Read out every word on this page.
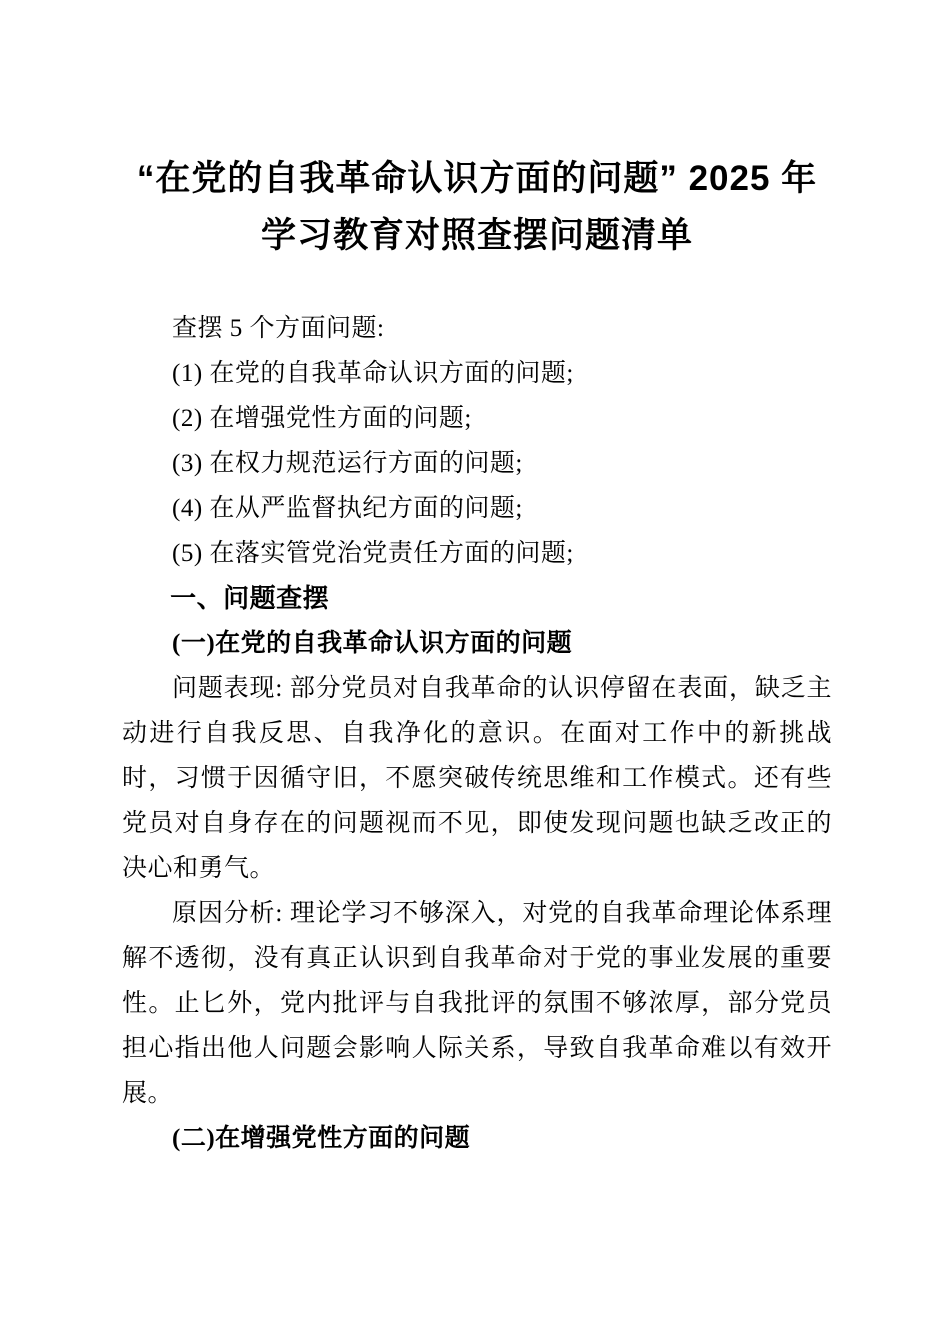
“在党的自我革命认识方面的问题” 2025 年
学习教育对照查摆问题清单

查摆 5 个方面问题:

(1) 在党的自我革命认识方面的问题;

(2) 在增强党性方面的问题;

(3) 在权力规范运行方面的问题;

(4) 在从严监督执纪方面的问题;

(5) 在落实管党治党责任方面的问题;

一、问题查摆
(一)在党的自我革命认识方面的问题

问题表现: 部分党员对自我革命的认识停留在表面，缺乏主动进行自我反思、自我净化的意识。在面对工作中的新挑战时，习惯于因循守旧，不愿突破传统思维和工作模式。还有些党员对自身存在的问题视而不见，即使发现问题也缺乏改正的决心和勇气。

原因分析: 理论学习不够深入，对党的自我革命理论体系理解不透彻，没有真正认识到自我革命对于党的事业发展的重要性。止匕外，党内批评与自我批评的氛围不够浓厚，部分党员担心指出他人问题会影响人际关系，导致自我革命难以有效开展。

(二)在增强党性方面的问题
